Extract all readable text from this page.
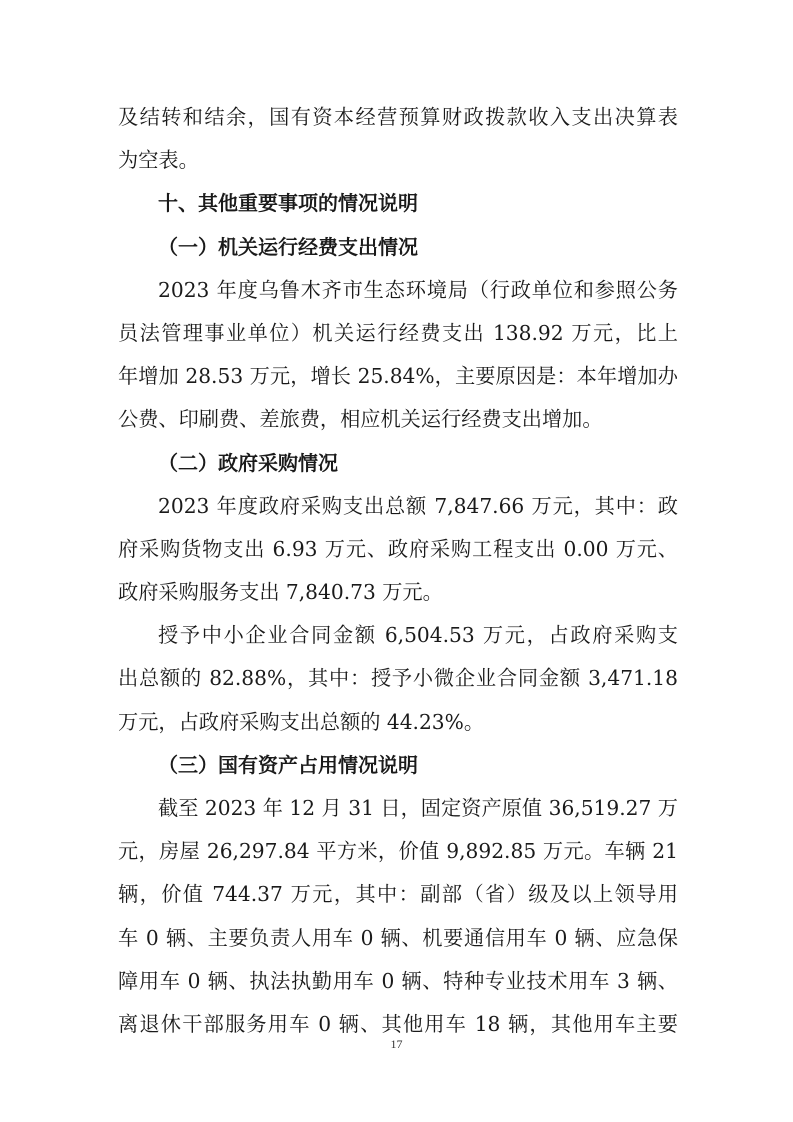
及结转和结余，国有资本经营预算财政拨款收入支出决算表
为空表。
十、其他重要事项的情况说明
（一）机关运行经费支出情况
2023 年度乌鲁木齐市生态环境局（行政单位和参照公务
员法管理事业单位）机关运行经费支出 138.92 万元，比上
年增加 28.53 万元，增长 25.84%，主要原因是：本年增加办
公费、印刷费、差旅费，相应机关运行经费支出增加。
（二）政府采购情况
2023 年度政府采购支出总额 7,847.66 万元，其中：政
府采购货物支出 6.93 万元、政府采购工程支出 0.00 万元、
政府采购服务支出 7,840.73 万元。
授予中小企业合同金额 6,504.53 万元，占政府采购支
出总额的 82.88%，其中：授予小微企业合同金额 3,471.18
万元，占政府采购支出总额的 44.23%。
（三）国有资产占用情况说明
截至 2023 年 12 月 31 日，固定资产原值 36,519.27 万
元，房屋 26,297.84 平方米，价值 9,892.85 万元。车辆 21
辆，价值 744.37 万元，其中：副部（省）级及以上领导用
车 0 辆、主要负责人用车 0 辆、机要通信用车 0 辆、应急保
障用车 0 辆、执法执勤用车 0 辆、特种专业技术用车 3 辆、
离退休干部服务用车 0 辆、其他用车 18 辆，其他用车主要
17
